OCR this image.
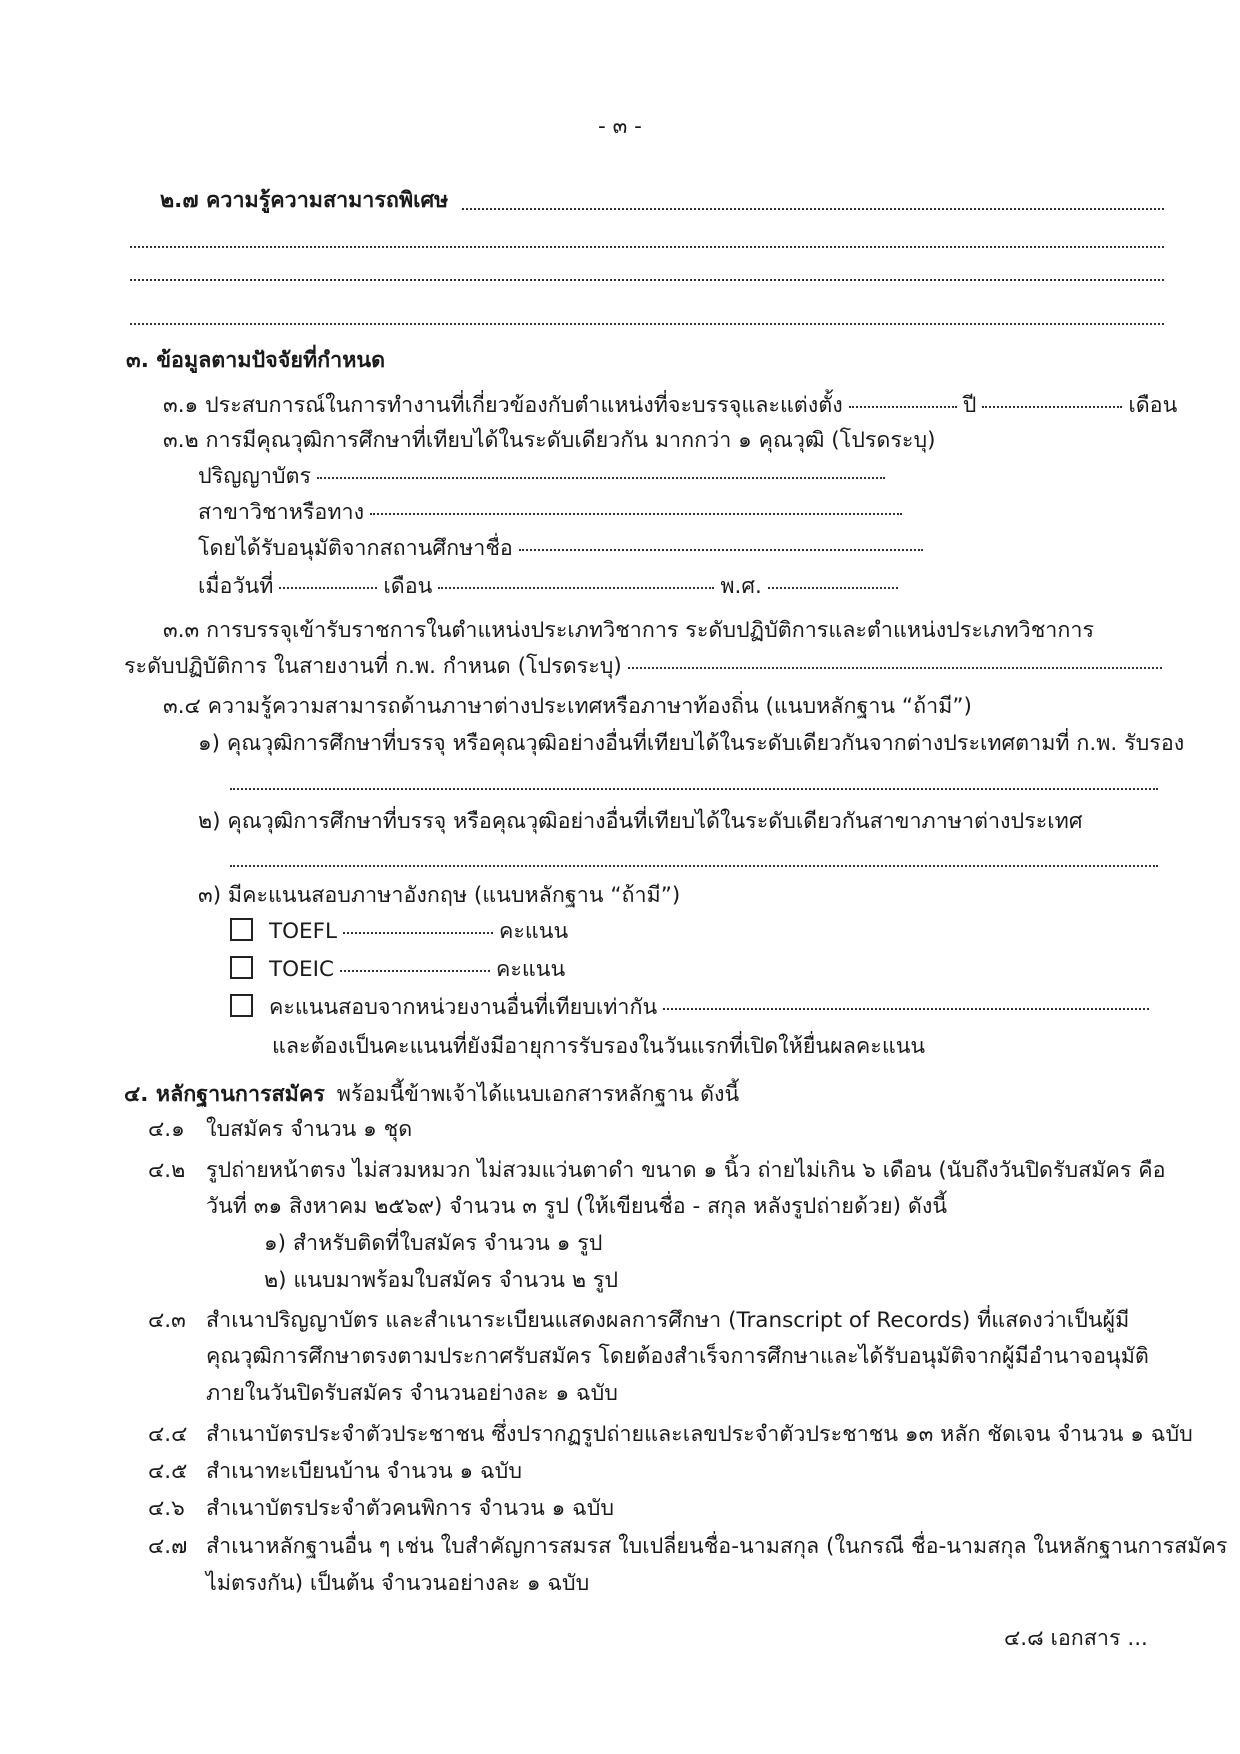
- ๓ -
๒.๗ ความรู้ความสามารถพิเศษ
๓. ข้อมูลตามปัจจัยที่กำหนด
๓.๑ ประสบการณ์ในการทำงานที่เกี่ยวข้องกับตำแหน่งที่จะบรรจุและแต่งตั้ง	ปี	เดือน
๓.๒ การมีคุณวุฒิการศึกษาที่เทียบได้ในระดับเดียวกัน มากกว่า ๑ คุณวุฒิ (โปรดระบุ)
ปริญญาบัตร
สาขาวิชาหรือทาง
โดยได้รับอนุมัติจากสถานศึกษาชื่อ
เมื่อวันที่	เดือน	พ.ศ.
๓.๓ การบรรจุเข้ารับราชการในตำแหน่งประเภทวิชาการ ระดับปฏิบัติการและตำแหน่งประเภทวิชาการ
ระดับปฏิบัติการ ในสายงานที่ ก.พ. กำหนด (โปรดระบุ)
๓.๔ ความรู้ความสามารถด้านภาษาต่างประเทศหรือภาษาท้องถิ่น (แนบหลักฐาน “ถ้ามี”)
๑) คุณวุฒิการศึกษาที่บรรจุ หรือคุณวุฒิอย่างอื่นที่เทียบได้ในระดับเดียวกันจากต่างประเทศตามที่ ก.พ. รับรอง
๒) คุณวุฒิการศึกษาที่บรรจุ หรือคุณวุฒิอย่างอื่นที่เทียบได้ในระดับเดียวกันสาขาภาษาต่างประเทศ
๓) มีคะแนนสอบภาษาอังกฤษ (แนบหลักฐาน “ถ้ามี”)
TOEFL	คะแนน
TOEIC	คะแนน
คะแนนสอบจากหน่วยงานอื่นที่เทียบเท่ากัน
และต้องเป็นคะแนนที่ยังมีอายุการรับรองในวันแรกที่เปิดให้ยื่นผลคะแนน
๔. หลักฐานการสมัคร พร้อมนี้ข้าพเจ้าได้แนบเอกสารหลักฐาน ดังนี้
๔.๑ ใบสมัคร จำนวน ๑ ชุด
๔.๒ รูปถ่ายหน้าตรง ไม่สวมหมวก ไม่สวมแว่นตาดำ ขนาด ๑ นิ้ว ถ่ายไม่เกิน ๖ เดือน (นับถึงวันปิดรับสมัคร คือ
วันที่ ๓๑ สิงหาคม ๒๕๖๙) จำนวน ๓ รูป (ให้เขียนชื่อ - สกุล หลังรูปถ่ายด้วย) ดังนี้
๑) สำหรับติดที่ใบสมัคร จำนวน ๑ รูป
๒) แนบมาพร้อมใบสมัคร จำนวน ๒ รูป
๔.๓ สำเนาปริญญาบัตร และสำเนาระเบียนแสดงผลการศึกษา (Transcript of Records) ที่แสดงว่าเป็นผู้มี
คุณวุฒิการศึกษาตรงตามประกาศรับสมัคร โดยต้องสำเร็จการศึกษาและได้รับอนุมัติจากผู้มีอำนาจอนุมัติ
ภายในวันปิดรับสมัคร จำนวนอย่างละ ๑ ฉบับ
๔.๔ สำเนาบัตรประจำตัวประชาชน ซึ่งปรากฏรูปถ่ายและเลขประจำตัวประชาชน ๑๓ หลัก ชัดเจน จำนวน ๑ ฉบับ
๔.๕ สำเนาทะเบียนบ้าน จำนวน ๑ ฉบับ
๔.๖ สำเนาบัตรประจำตัวคนพิการ จำนวน ๑ ฉบับ
๔.๗ สำเนาหลักฐานอื่น ๆ เช่น ใบสำคัญการสมรส ใบเปลี่ยนชื่อ-นามสกุล (ในกรณี ชื่อ-นามสกุล ในหลักฐานการสมัคร
ไม่ตรงกัน) เป็นต้น จำนวนอย่างละ ๑ ฉบับ
๔.๘ เอกสาร ...
